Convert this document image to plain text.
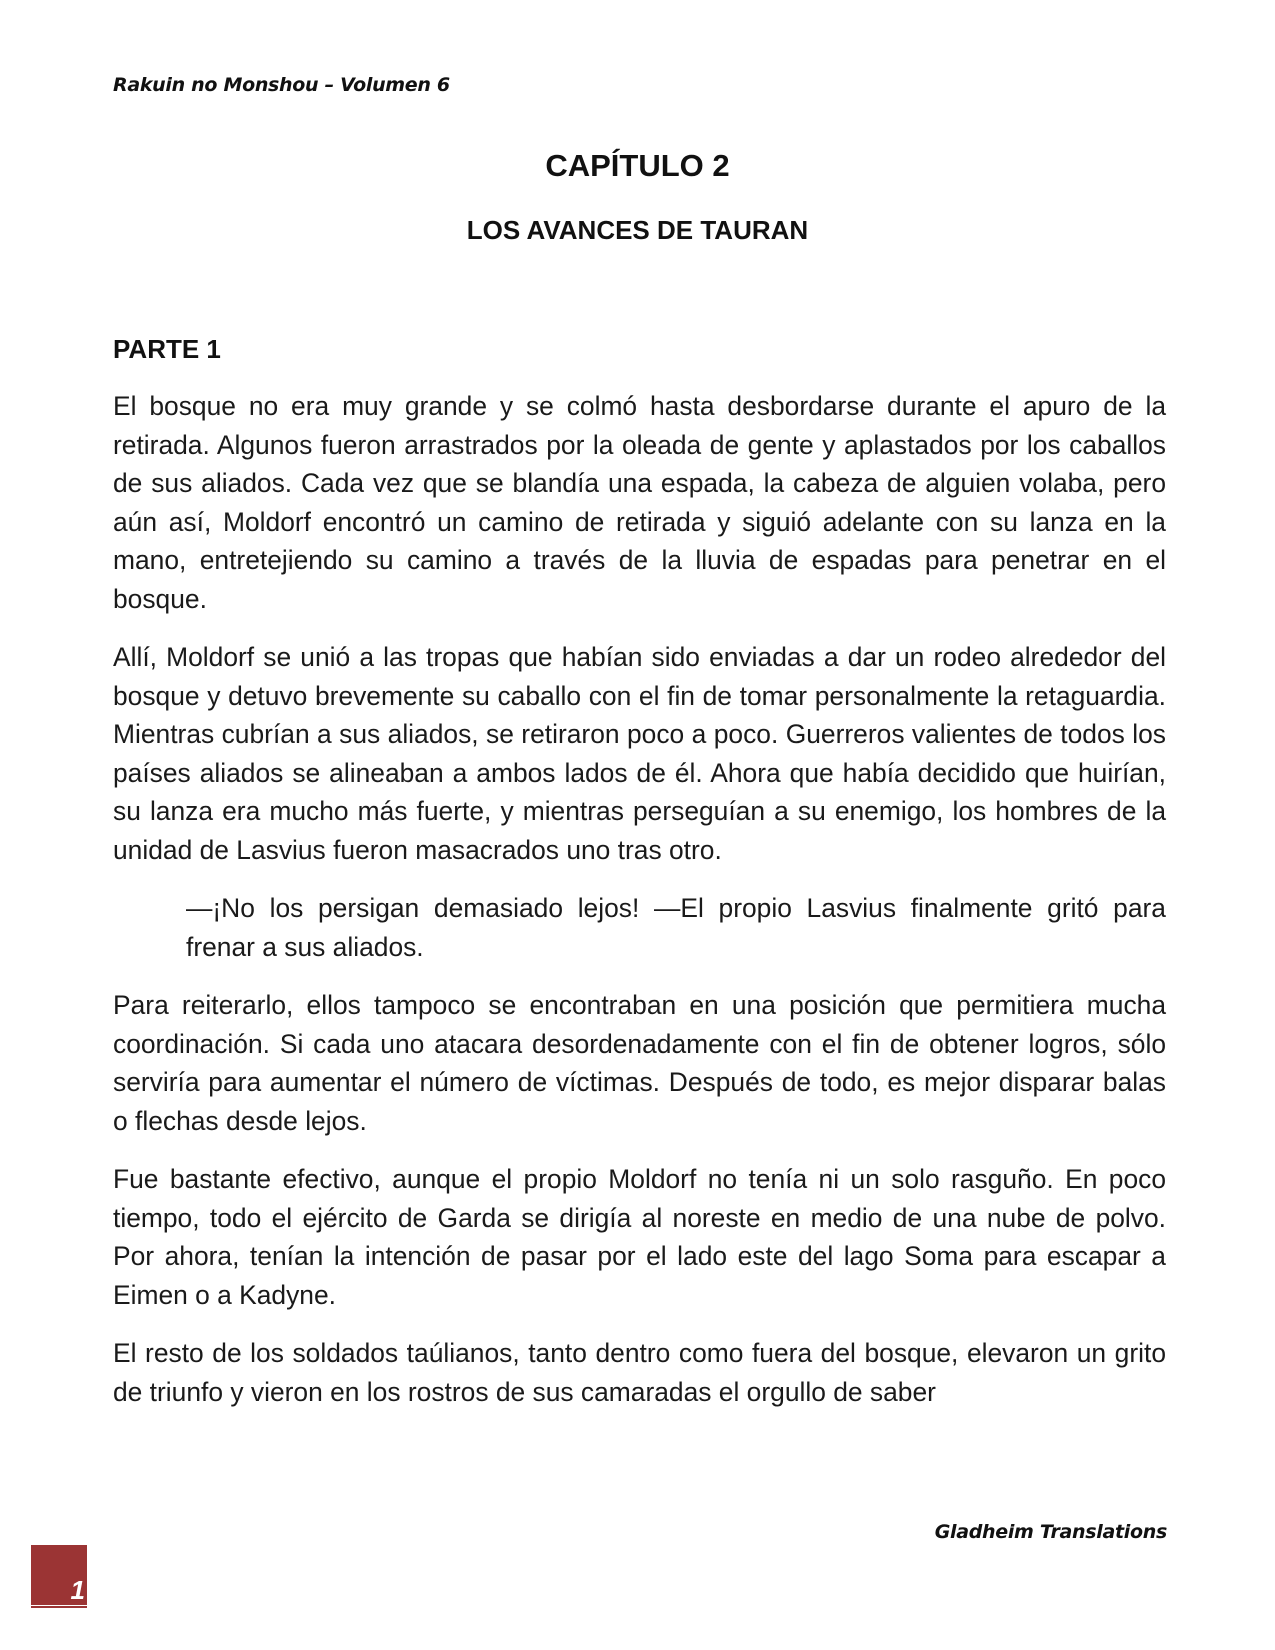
Rakuin no Monshou – Volumen 6
CAPÍTULO 2
LOS AVANCES DE TAURAN
PARTE 1

El bosque no era muy grande y se colmó hasta desbordarse durante el apuro de la retirada. Algunos fueron arrastrados por la oleada de gente y aplastados por los caballos de sus aliados. Cada vez que se blandía una espada, la cabeza de alguien volaba, pero aún así, Moldorf encontró un camino de retirada y siguió adelante con su lanza en la mano, entretejiendo su camino a través de la lluvia de espadas para penetrar en el bosque.

Allí, Moldorf se unió a las tropas que habían sido enviadas a dar un rodeo alrededor del bosque y detuvo brevemente su caballo con el fin de tomar personalmente la retaguardia. Mientras cubrían a sus aliados, se retiraron poco a poco. Guerreros valientes de todos los países aliados se alineaban a ambos lados de él. Ahora que había decidido que huirían, su lanza era mucho más fuerte, y mientras perseguían a su enemigo, los hombres de la unidad de Lasvius fueron masacrados uno tras otro.

—¡No los persigan demasiado lejos! —El propio Lasvius finalmente gritó para frenar a sus aliados.

Para reiterarlo, ellos tampoco se encontraban en una posición que permitiera mucha coordinación. Si cada uno atacara desordenadamente con el fin de obtener logros, sólo serviría para aumentar el número de víctimas. Después de todo, es mejor disparar balas o flechas desde lejos.

Fue bastante efectivo, aunque el propio Moldorf no tenía ni un solo rasguño. En poco tiempo, todo el ejército de Garda se dirigía al noreste en medio de una nube de polvo. Por ahora, tenían la intención de pasar por el lado este del lago Soma para escapar a Eimen o a Kadyne.

El resto de los soldados taúlianos, tanto dentro como fuera del bosque, elevaron un grito de triunfo y vieron en los rostros de sus camaradas el orgullo de saber

Gladheim Translations
1
